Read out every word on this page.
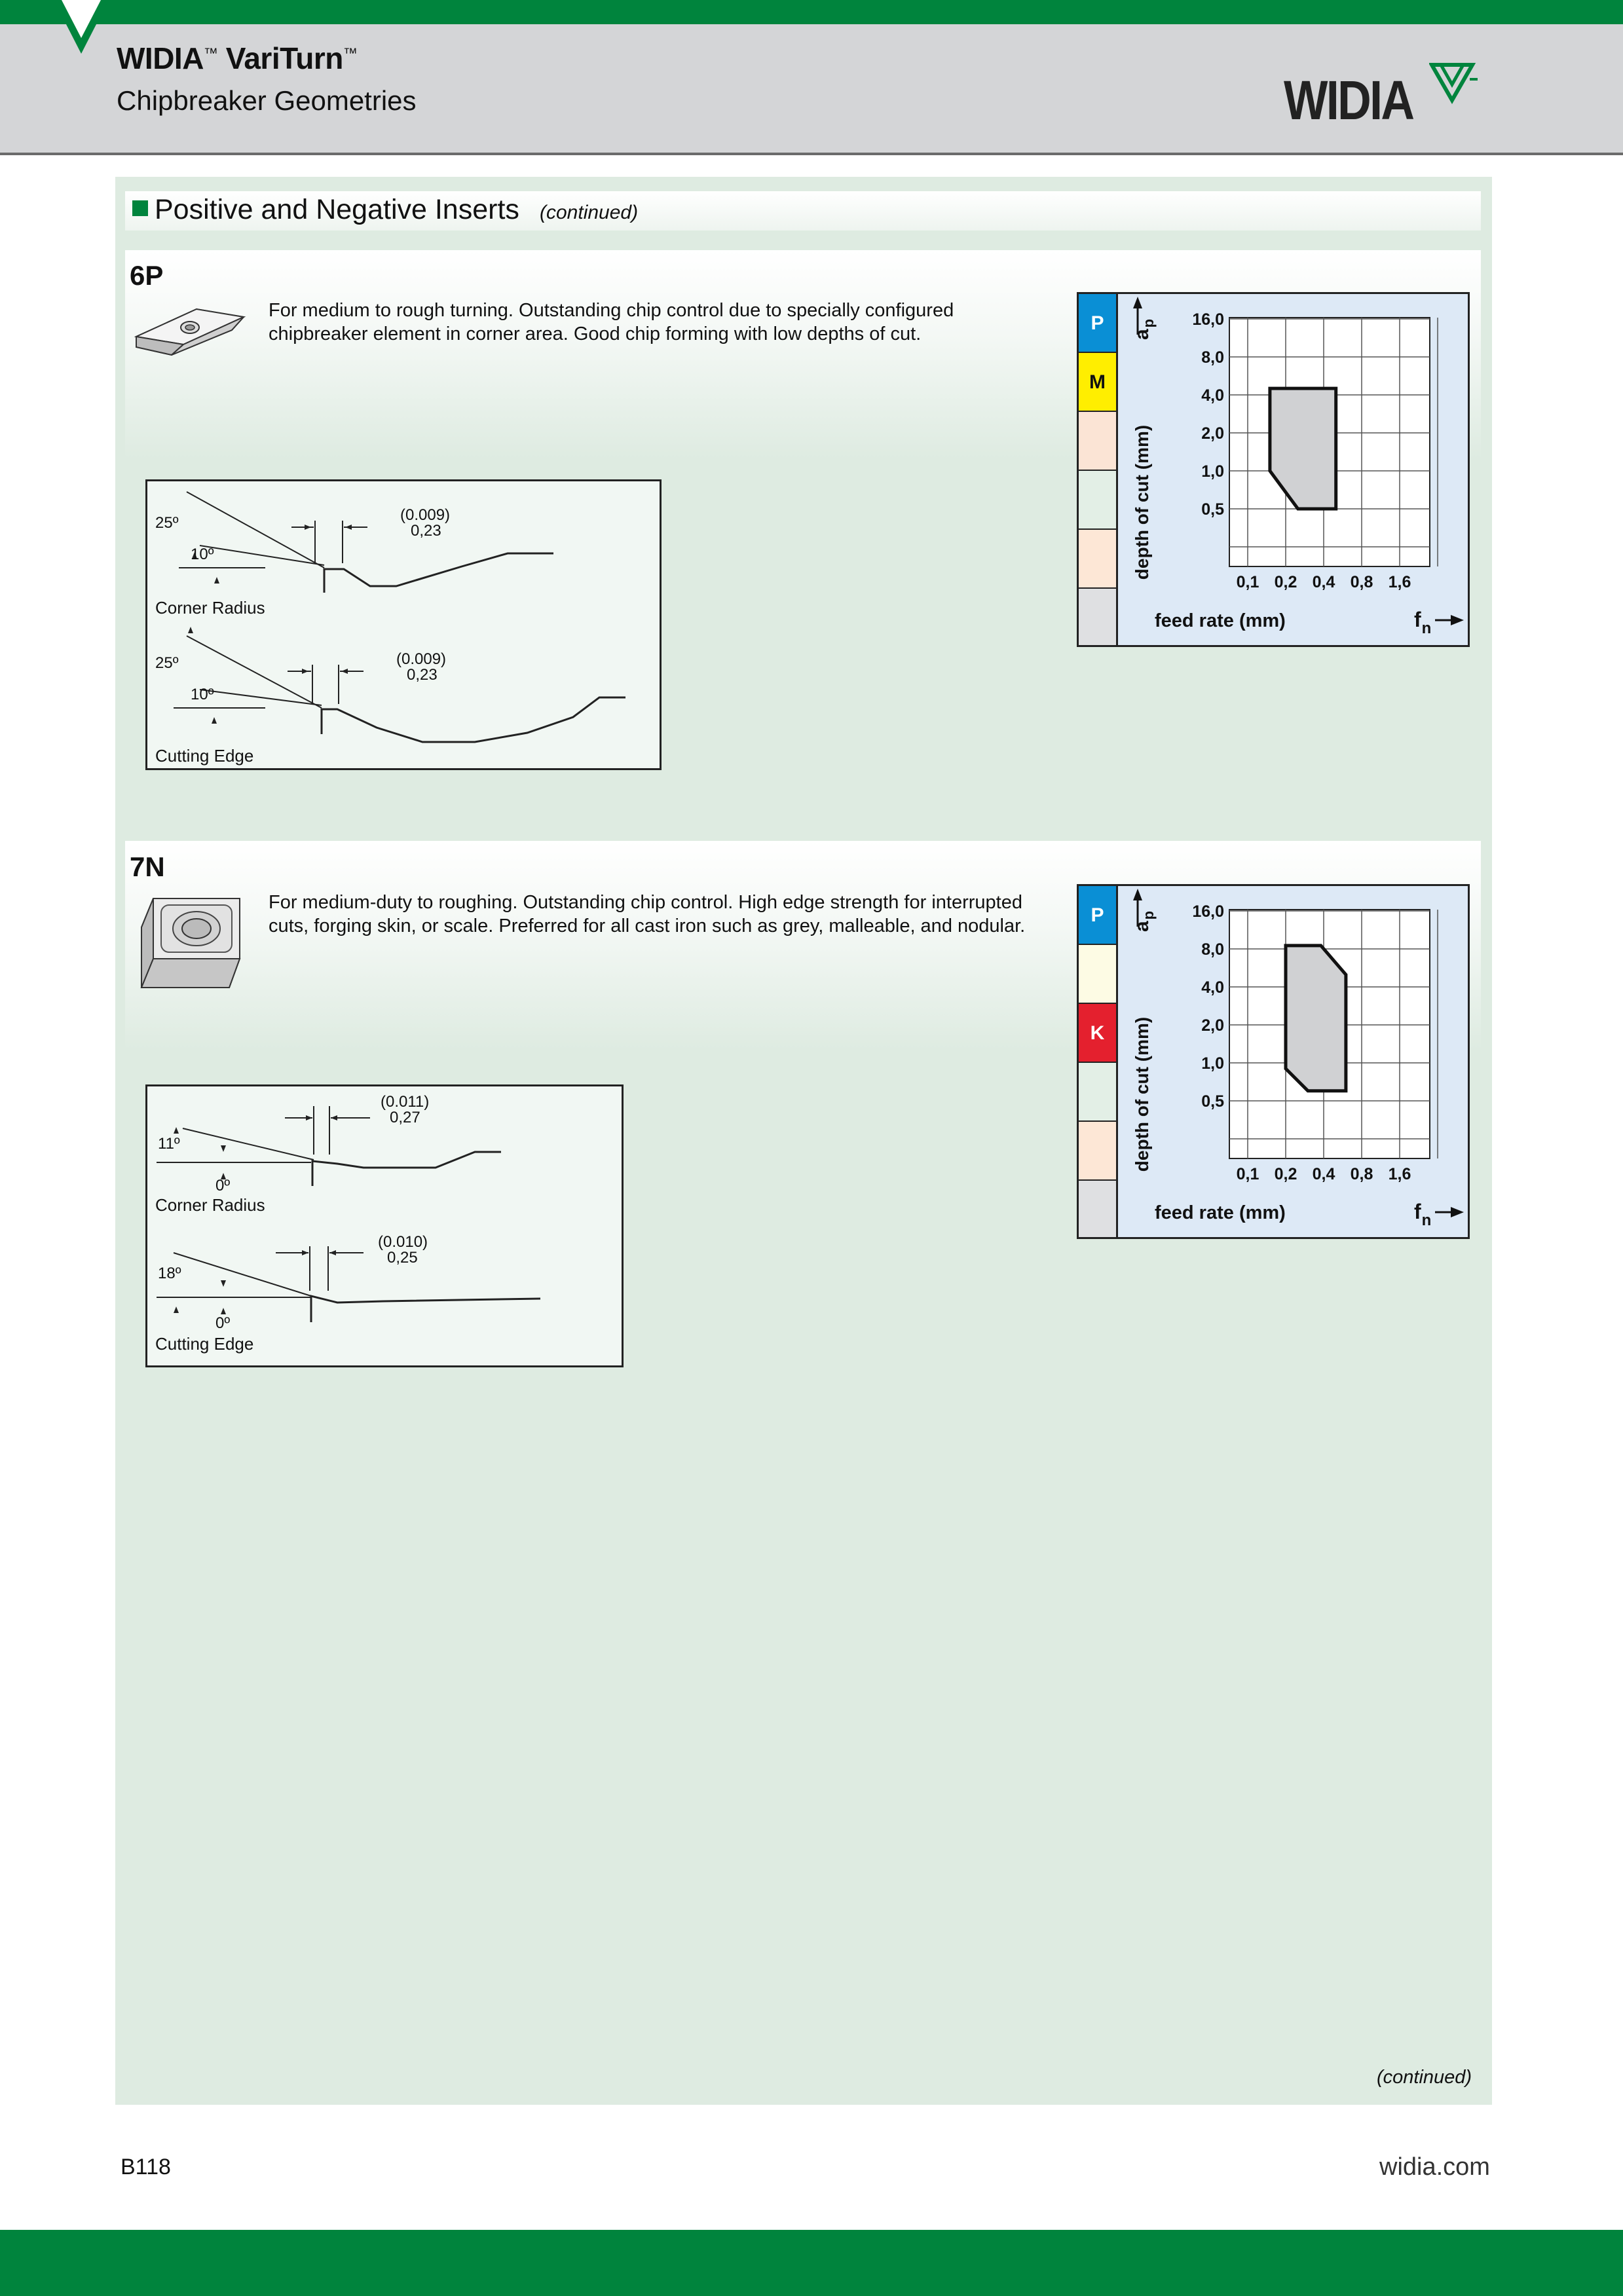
WIDIA™ VariTurn™
Chipbreaker Geometries	WIDIA
Positive and Negative Inserts (continued)
6P
For medium to rough turning. Outstanding chip control due to specially configured chipbreaker element in corner area. Good chip forming with low depths of cut.
25º
10º
(0.009)
0,23
Corner Radius
25º
10º
(0.009)
0,23
Cutting Edge
P
M
16,0
8,0
4,0
2,0
1,0
0,5
0,1 0,2 0,4 0,8 1,6
depth of cut (mm)
$a_p$
feed rate (mm)	$f_n$
7N
For medium-duty to roughing. Outstanding chip control. High edge strength for interrupted cuts, forging skin, or scale. Preferred for all cast iron such as grey, malleable, and nodular.
11º
0º
(0.011)
0,27
Corner Radius
18º
0º
(0.010)
0,25
Cutting Edge
P
K
16,0
8,0
4,0
2,0
1,0
0,5
0,1 0,2 0,4 0,8 1,6
depth of cut (mm)
$a_p$
feed rate (mm)	$f_n$
(continued)
B118	widia.com
